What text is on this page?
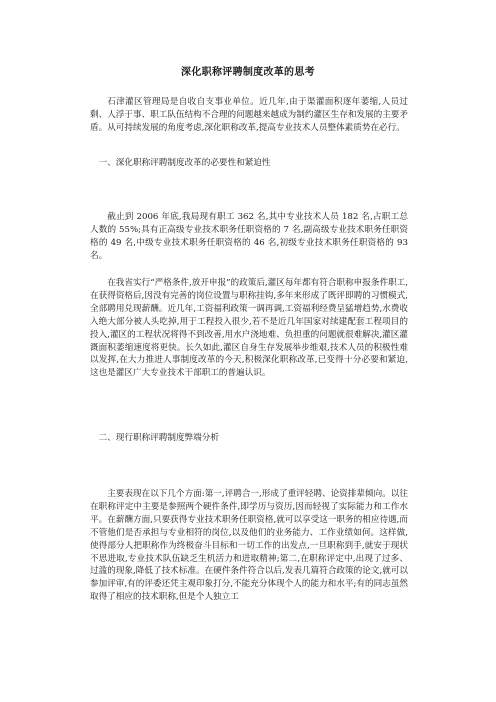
深化职称评聘制度改革的思考

石津灌区管理局是自收自支事业单位。近几年,由于渠灌面积逐年萎缩,人员过剩、人浮于事、职工队伍结构不合理的问题越来越成为制约灌区生存和发展的主要矛盾。从可持续发展的角度考虑,深化职称改革,提高专业技术人员整体素质势在必行。

一、深化职称评聘制度改革的必要性和紧迫性

截止到 2006 年底,我局现有职工 362 名,其中专业技术人员 182 名,占职工总人数的 55%;具有正高级专业技术职务任职资格的 7 名,副高级专业技术职务任职资格的 49 名,中级专业技术职务任职资格的 46 名,初级专业技术职务任职资格的 93 名。

在我省实行“严格条件,放开申报”的政策后,灌区每年都有符合职称申报条件职工,在获得资格后,因没有完善的岗位设置与职称挂钩,多年来形成了既评即聘的习惯模式,全部聘用兑现薪酬。近几年,工资福利政策一调再调,工资福利经费呈猛增趋势,水费收入绝大部分被人头吃掉,用于工程投入很少,若不是近几年国家对续建配套工程项目的投入,灌区的工程状况将得不到改善,用水户浇地难、负担重的问题就很难解决,灌区灌溉面积萎缩速度将更快。长久如此,灌区自身生存发展举步维艰,技术人员的积极性难以发挥,在大力推进人事制度改革的今天,积极深化职称改革,已变得十分必要和紧迫,这也是灌区广大专业技术干部职工的普遍认识。

二、现行职称评聘制度弊端分析

主要表现在以下几个方面:第一,评聘合一,形成了重评轻聘、论资排辈倾向。以往在职称评定中主要是参照两个硬件条件,即学历与资历,因而轻视了实际能力和工作水平。在薪酬方面,只要获得专业技术职务任职资格,就可以享受这一职务的相应待遇,而不管他们是否承担与专业相符的岗位,以及他们的业务能力、工作业绩如何。这样做,使得部分人把职称作为终极奋斗目标和一切工作的出发点,一旦职称到手,就安于现状不思进取,专业技术队伍缺乏生机活力和进取精神;第二,在职称评定中,出现了过多、过滥的现象,降低了技术标准。在硬件条件符合以后,发表几篇符合政策的论文,就可以参加评审,有的评委还凭主观印象打分,不能充分体现个人的能力和水平;有的同志虽然取得了相应的技术职称,但是个人独立工
